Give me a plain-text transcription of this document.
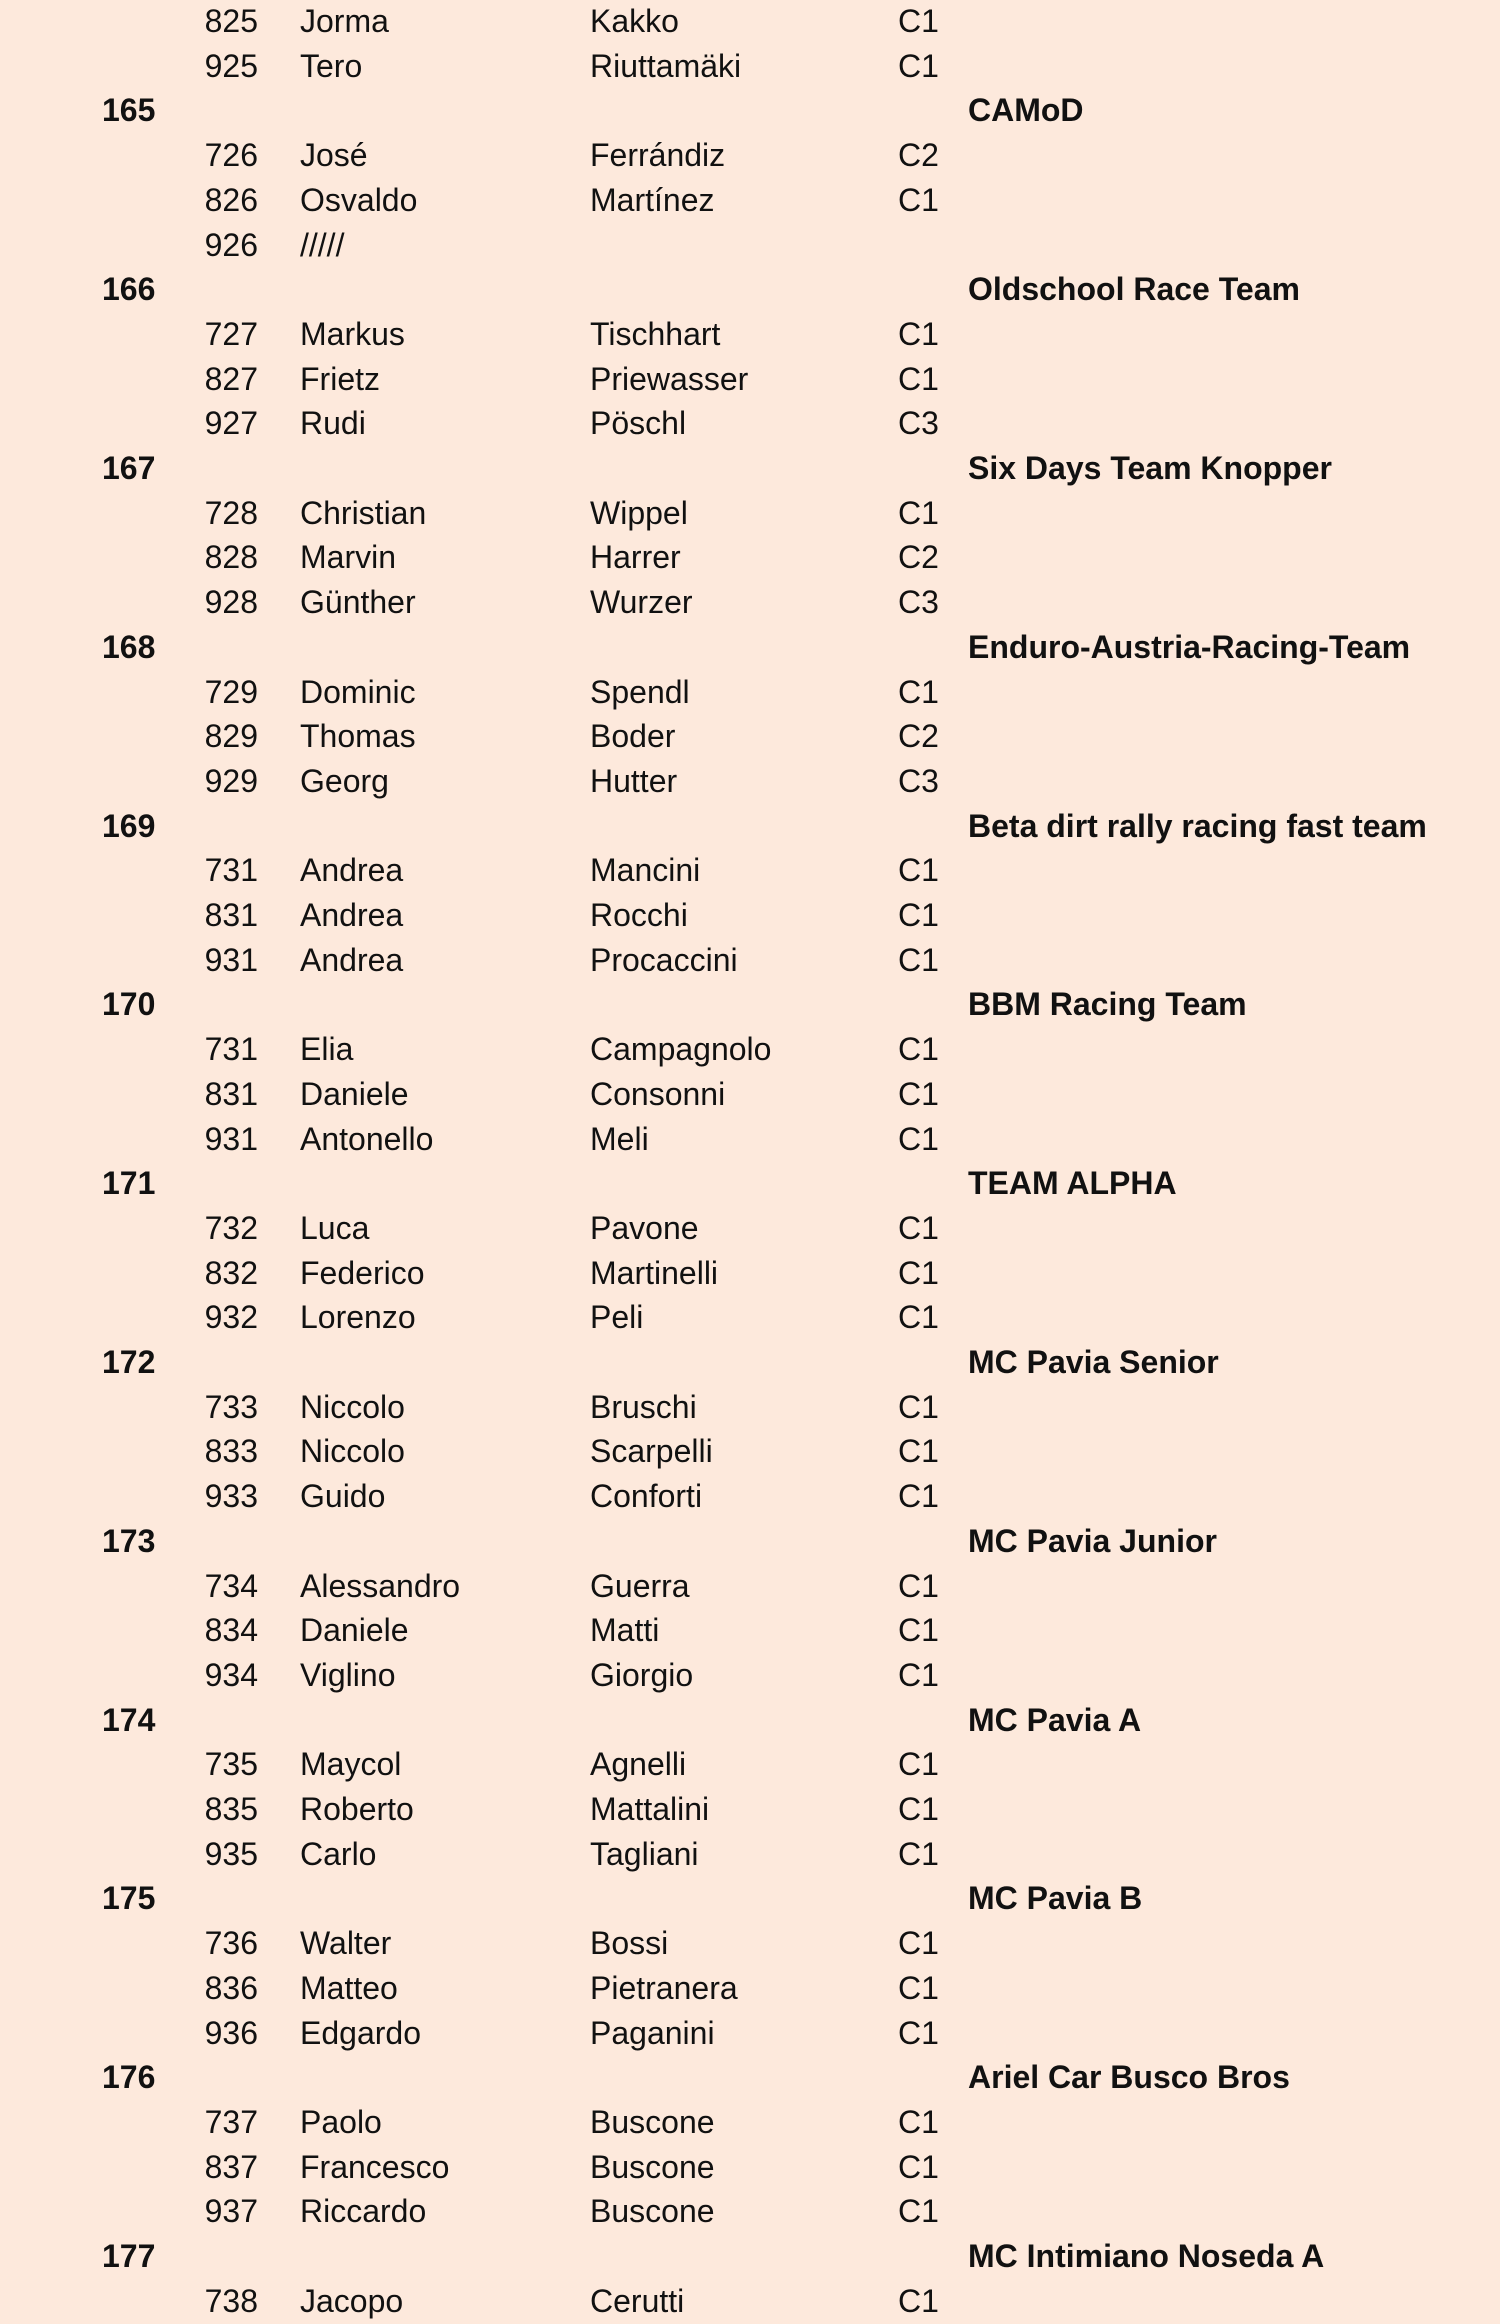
825 Jorma	Kakko	C1
925 Tero	Riuttamäki	C1
165	CAMoD
726 José	Ferrándiz	C2
826 Osvaldo	Martínez	C1
926 /////
166	Oldschool Race Team
727 Markus	Tischhart	C1
827 Frietz	Priewasser	C1
927 Rudi	Pöschl	C3
167	Six Days Team Knopper
728 Christian	Wippel	C1
828 Marvin	Harrer	C2
928 Günther	Wurzer	C3
168	Enduro-Austria-Racing-Team
729 Dominic	Spendl	C1
829 Thomas	Boder	C2
929 Georg	Hutter	C3
169	Beta dirt rally racing fast team
731 Andrea	Mancini	C1
831 Andrea	Rocchi	C1
931 Andrea	Procaccini	C1
170	BBM Racing Team
731 Elia	Campagnolo	C1
831 Daniele	Consonni	C1
931 Antonello	Meli	C1
171	TEAM ALPHA
732 Luca	Pavone	C1
832 Federico	Martinelli	C1
932 Lorenzo	Peli	C1
172	MC Pavia Senior
733 Niccolo	Bruschi	C1
833 Niccolo	Scarpelli	C1
933 Guido	Conforti	C1
173	MC Pavia Junior
734 Alessandro	Guerra	C1
834 Daniele	Matti	C1
934 Viglino	Giorgio	C1
174	MC Pavia A
735 Maycol	Agnelli	C1
835 Roberto	Mattalini	C1
935 Carlo	Tagliani	C1
175	MC Pavia B
736 Walter	Bossi	C1
836 Matteo	Pietranera	C1
936 Edgardo	Paganini	C1
176	Ariel Car Busco Bros
737 Paolo	Buscone	C1
837 Francesco	Buscone	C1
937 Riccardo	Buscone	C1
177	MC Intimiano Noseda A
738 Jacopo	Cerutti	C1
